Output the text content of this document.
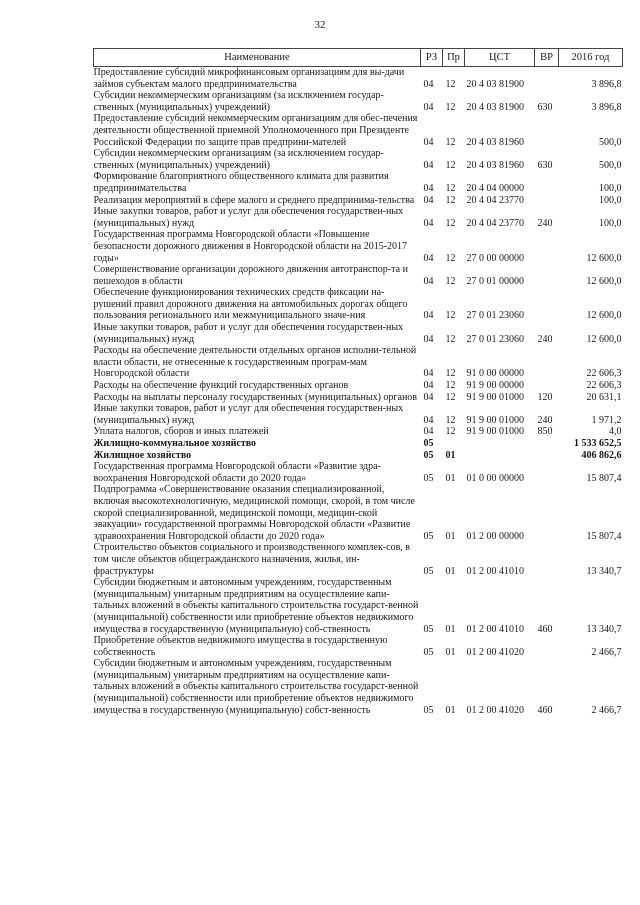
32
Наименование	РЗ	Пр	ЦСТ	ВР	2016 год
Предоставление субсидий микрофинансовым организациям для вы-дачи займов субъектам малого предпринимательства	04	12	20 4 03 81900		3 896,8
Субсидии некоммерческим организациям (за исключением государ-ственных (муниципальных) учреждений)	04	12	20 4 03 81900	630	3 896,8
Предоставление субсидий некоммерческим организациям для обес-печения деятельности общественной приемной Уполномоченного при Президенте Российской Федерации по защите прав предприни-мателей	04	12	20 4 03 81960		500,0
Субсидии некоммерческим организациям (за исключением государ-ственных (муниципальных) учреждений)	04	12	20 4 03 81960	630	500,0
Формирование благоприятного общественного климата для развития предпринимательства	04	12	20 4 04 00000		100,0
Реализация мероприятий в сфере малого и среднего предпринима-тельства	04	12	20 4 04 23770		100,0
Иные закупки товаров, работ и услуг для обеспечения государствен-ных (муниципальных) нужд	04	12	20 4 04 23770	240	100,0
Государственная программа Новгородской области «Повышение безопасности дорожного движения в Новгородской области на 2015-2017 годы»	04	12	27 0 00 00000		12 600,0
Совершенствование организации дорожного движения автотранспор-та и пешеходов в области	04	12	27 0 01 00000		12 600,0
Обеспечение функционирования технических средств фиксации на-рушений правил дорожного движения на автомобильных дорогах общего пользования регионального или межмуниципального значе-ния	04	12	27 0 01 23060		12 600,0
Иные закупки товаров, работ и услуг для обеспечения государствен-ных (муниципальных) нужд	04	12	27 0 01 23060	240	12 600,0
Расходы на обеспечение деятельности отдельных органов исполни-тельной власти области, не отнесенные к государственным програм-мам Новгородской области	04	12	91 0 00 00000		22 606,3
Расходы на обеспечение функций государственных органов	04	12	91 9 00 00000		22 606,3
Расходы на выплаты персоналу государственных (муниципальных) органов	04	12	91 9 00 01000	120	20 631,1
Иные закупки товаров, работ и услуг для обеспечения государствен-ных (муниципальных) нужд	04	12	91 9 00 01000	240	1 971,2
Уплата налогов, сборов и иных платежей	04	12	91 9 00 01000	850	4,0
Жилищно-коммунальное хозяйство	05				1 533 652,5
Жилищное хозяйство	05	01			406 862,6
Государственная программа Новгородской области «Развитие здра-воохранения Новгородской области до 2020 года»	05	01	01 0 00 00000		15 807,4
Подпрограмма «Совершенствование оказания специализированной, включая высокотехнологичную, медицинской помощи, скорой, в том числе скорой специализированной, медицинской помощи, медицин-ской эвакуации» государственной программы Новгородской области «Развитие здравоохранения Новгородской области до 2020 года»	05	01	01 2 00 00000		15 807,4
Строительство объектов социального и производственного комплек-сов, в том числе объектов общегражданского назначения, жилья, ин-фраструктуры	05	01	01 2 00 41010		13 340,7
Субсидии бюджетным и автономным учреждениям, государственным (муниципальным) унитарным предприятиям на осуществление капи-тальных вложений в объекты капитального строительства государст-венной (муниципальной) собственности или приобретение объектов недвижимого имущества в государственную (муниципальную) соб-ственность	05	01	01 2 00 41010	460	13 340,7
Приобретение объектов недвижимого имущества в государственную собственность	05	01	01 2 00 41020		2 466,7
Субсидии бюджетным и автономным учреждениям, государственным (муниципальным) унитарным предприятиям на осуществление капи-тальных вложений в объекты капитального строительства государст-венной (муниципальной) собственности или приобретение объектов недвижимого имущества в государственную (муниципальную) собст-венность	05	01	01 2 00 41020	460	2 466,7
